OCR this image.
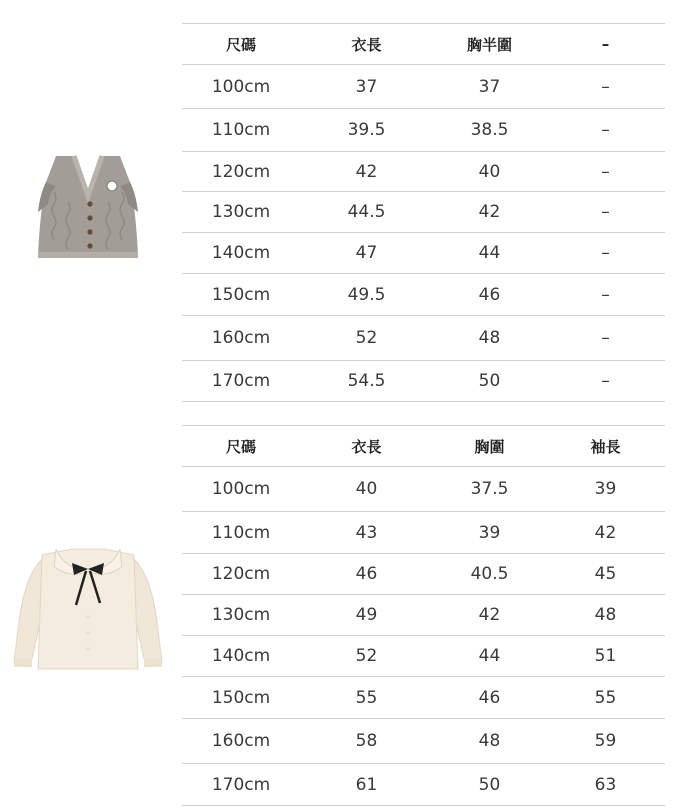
尺碼	衣長	胸半圍	–
100cm	37	37	–
110cm	39.5	38.5	–
120cm	42	40	–
130cm	44.5	42	–
140cm	47	44	–
150cm	49.5	46	–
160cm	52	48	–
170cm	54.5	50	–
尺碼	衣長	胸圍	袖長
100cm	40	37.5	39
110cm	43	39	42
120cm	46	40.5	45
130cm	49	42	48
140cm	52	44	51
150cm	55	46	55
160cm	58	48	59
170cm	61	50	63
